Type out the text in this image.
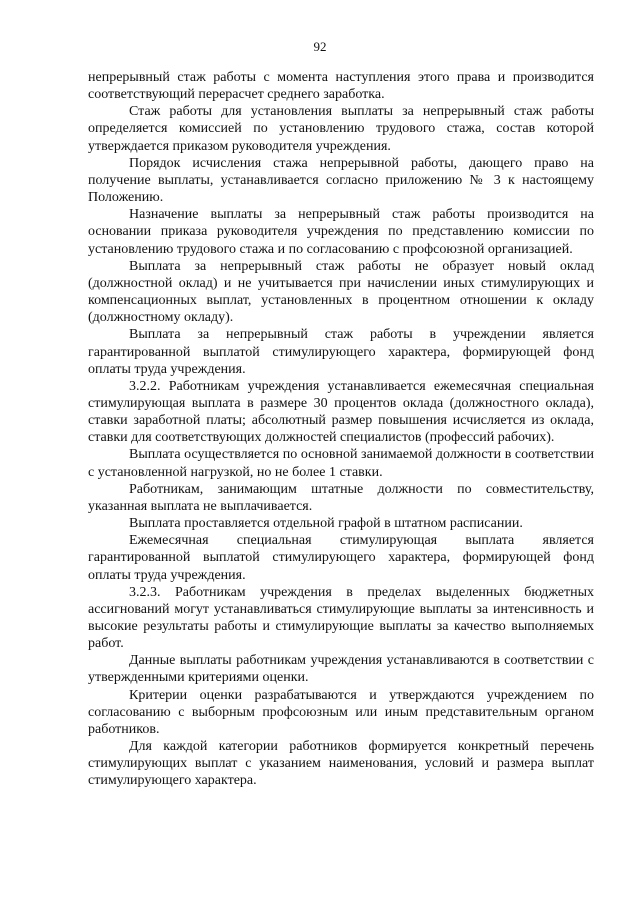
92

непрерывный стаж работы с момента наступления этого права и производится соответствующий перерасчет среднего заработка.

Стаж работы для установления выплаты за непрерывный стаж работы определяется комиссией по установлению трудового стажа, состав которой утверждается приказом руководителя учреждения.

Порядок исчисления стажа непрерывной работы, дающего право на получение выплаты, устанавливается согласно приложению № 3 к настоящему Положению.

Назначение выплаты за непрерывный стаж работы производится на основании приказа руководителя учреждения по представлению комиссии по установлению трудового стажа и по согласованию с профсоюзной организацией.

Выплата за непрерывный стаж работы не образует новый оклад (должностной оклад) и не учитывается при начислении иных стимулирующих и компенсационных выплат, установленных в процентном отношении к окладу (должностному окладу).

Выплата за непрерывный стаж работы в учреждении является гарантированной выплатой стимулирующего характера, формирующей фонд оплаты труда учреждения.

3.2.2. Работникам учреждения устанавливается ежемесячная специальная стимулирующая выплата в размере 30 процентов оклада (должностного оклада), ставки заработной платы; абсолютный размер повышения исчисляется из оклада, ставки для соответствующих должностей специалистов (профессий рабочих).

Выплата осуществляется по основной занимаемой должности в соответствии с установленной нагрузкой, но не более 1 ставки.

Работникам, занимающим штатные должности по совместительству, указанная выплата не выплачивается.

Выплата проставляется отдельной графой в штатном расписании.

Ежемесячная специальная стимулирующая выплата является гарантированной выплатой стимулирующего характера, формирующей фонд оплаты труда учреждения.

3.2.3. Работникам учреждения в пределах выделенных бюджетных ассигнований могут устанавливаться стимулирующие выплаты за интенсивность и высокие результаты работы и стимулирующие выплаты за качество выполняемых работ.

Данные выплаты работникам учреждения устанавливаются в соответствии с утвержденными критериями оценки.

Критерии оценки разрабатываются и утверждаются учреждением по согласованию с выборным профсоюзным или иным представительным органом работников.

Для каждой категории работников формируется конкретный перечень стимулирующих выплат с указанием наименования, условий и размера выплат стимулирующего характера.
